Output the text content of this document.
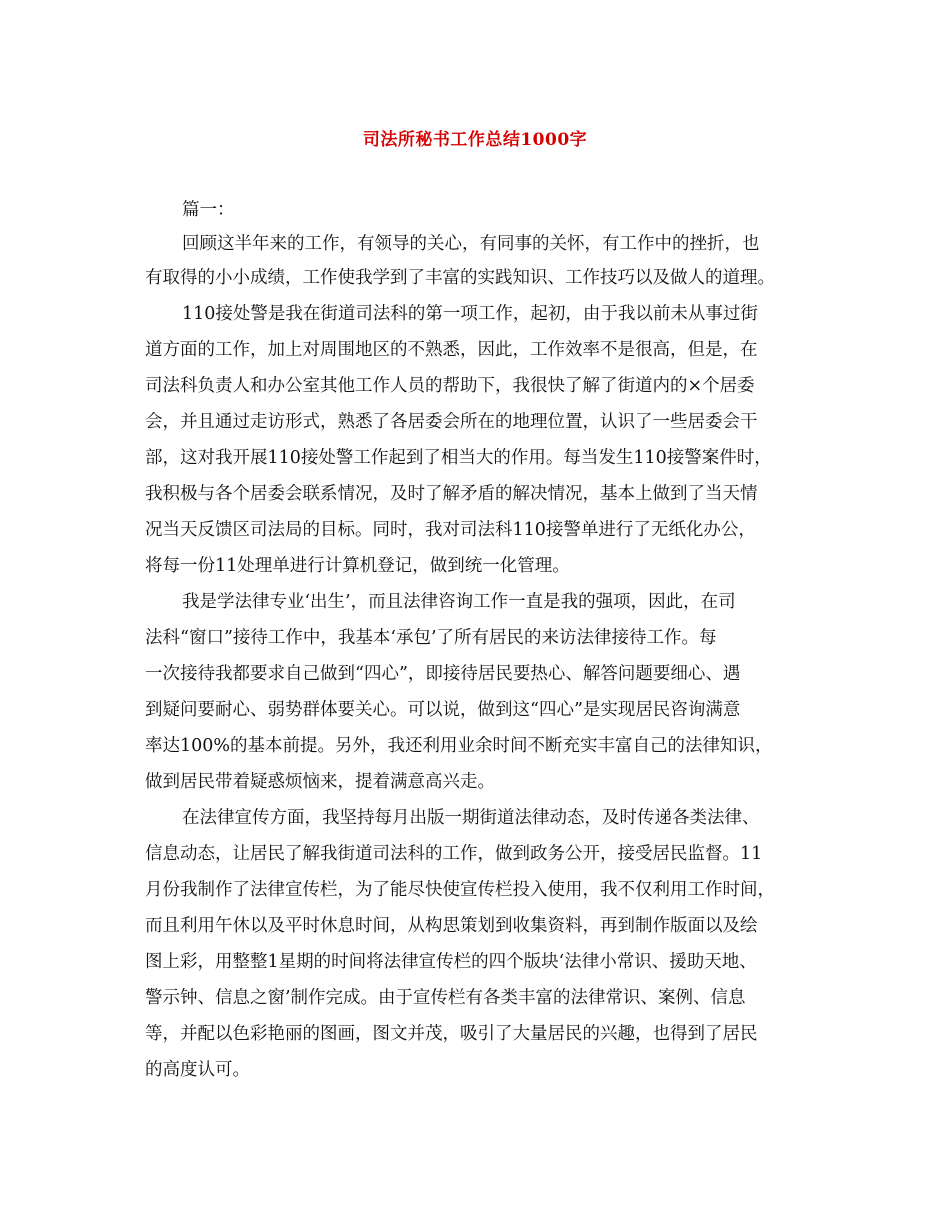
司法所秘书工作总结1000字
篇一：
回顾这半年来的工作，有领导的关心，有同事的关怀，有工作中的挫折，也
有取得的小小成绩，工作使我学到了丰富的实践知识、工作技巧以及做人的道理。
110接处警是我在街道司法科的第一项工作，起初，由于我以前未从事过街
道方面的工作，加上对周围地区的不熟悉，因此，工作效率不是很高，但是，在
司法科负责人和办公室其他工作人员的帮助下，我很快了解了街道内的×个居委
会，并且通过走访形式，熟悉了各居委会所在的地理位置，认识了一些居委会干
部，这对我开展110接处警工作起到了相当大的作用。每当发生110接警案件时，
我积极与各个居委会联系情况，及时了解矛盾的解决情况，基本上做到了当天情
况当天反馈区司法局的目标。同时，我对司法科110接警单进行了无纸化办公，
将每一份11处理单进行计算机登记，做到统一化管理。
我是学法律专业‘出生’，而且法律咨询工作一直是我的强项，因此，在司
法科“窗口”接待工作中，我基本‘承包’了所有居民的来访法律接待工作。每
一次接待我都要求自己做到“四心”，即接待居民要热心、解答问题要细心、遇
到疑问要耐心、弱势群体要关心。可以说，做到这“四心”是实现居民咨询满意
率达100%的基本前提。另外，我还利用业余时间不断充实丰富自己的法律知识，
做到居民带着疑惑烦恼来，提着满意高兴走。
在法律宣传方面，我坚持每月出版一期街道法律动态，及时传递各类法律、
信息动态，让居民了解我街道司法科的工作，做到政务公开，接受居民监督。11
月份我制作了法律宣传栏，为了能尽快使宣传栏投入使用，我不仅利用工作时间，
而且利用午休以及平时休息时间，从构思策划到收集资料，再到制作版面以及绘
图上彩，用整整1星期的时间将法律宣传栏的四个版块‘法律小常识、援助天地、
警示钟、信息之窗’制作完成。由于宣传栏有各类丰富的法律常识、案例、信息
等，并配以色彩艳丽的图画，图文并茂，吸引了大量居民的兴趣，也得到了居民
的高度认可。
